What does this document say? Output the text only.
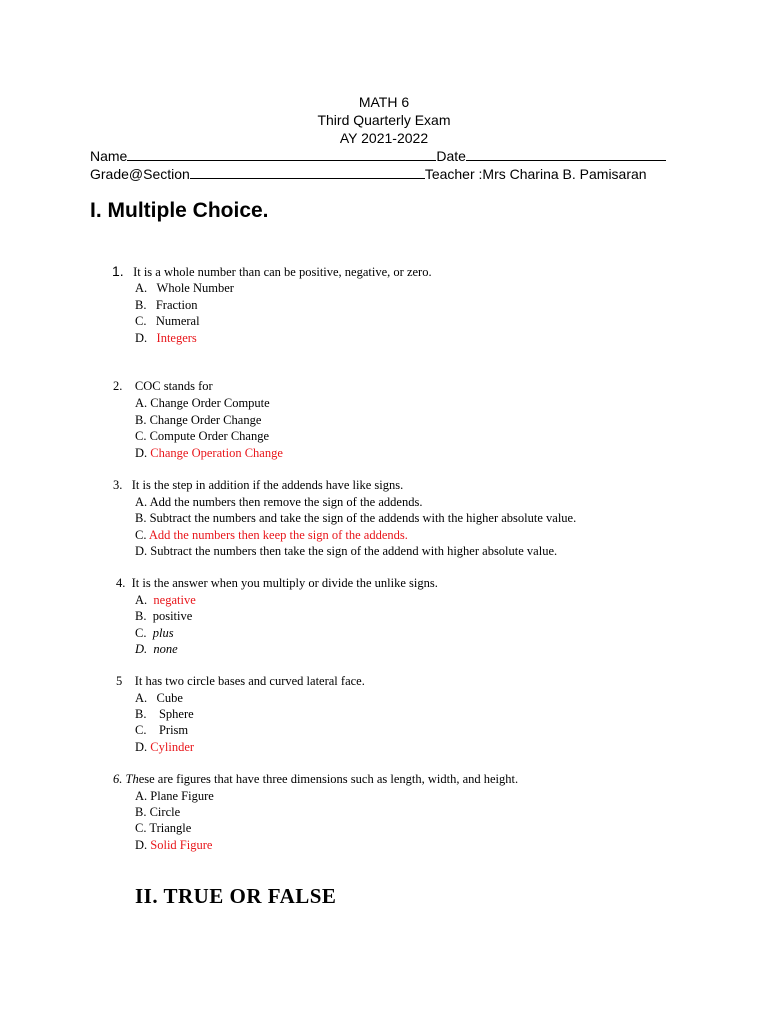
MATH 6
Third Quarterly Exam
AY 2021-2022
Name	Date
Grade@Section	Teacher :Mrs Charina B. Pamisaran
I. Multiple Choice.
1. It is a whole number than can be positive, negative, or zero.
A. Whole Number
B. Fraction
C. Numeral
D. Integers
2. COC stands for
A. Change Order Compute
B. Change Order Change
C. Compute Order Change
D. Change Operation Change
3. It is the step in addition if the addends have like signs.
A. Add the numbers then remove the sign of the addends.
B. Subtract the numbers and take the sign of the addends with the higher absolute value.
C. Add the numbers then keep the sign of the addends.
D. Subtract the numbers then take the sign of the addend with higher absolute value.
4. It is the answer when you multiply or divide the unlike signs.
A. negative
B. positive
C. plus
D. none
5 It has two circle bases and curved lateral face.
A. Cube
B. Sphere
C. Prism
D. Cylinder
6. These are figures that have three dimensions such as length, width, and height.
A. Plane Figure
B. Circle
C. Triangle
D. Solid Figure
II. TRUE OR FALSE
